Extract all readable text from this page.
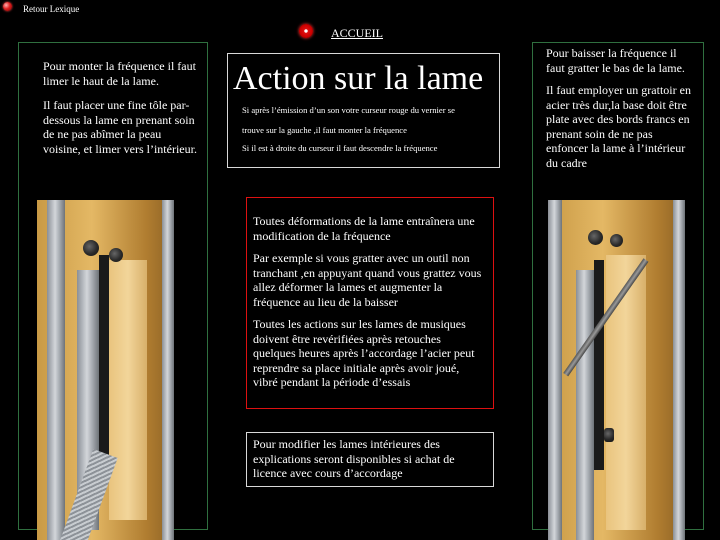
Retour Lexique
ACCUEIL

Pour monter la fréquence il faut limer le haut de la lame.

Il faut placer une fine tôle par-dessous la lame en prenant soin de ne pas abîmer la peau voisine, et limer vers l’intérieur.

Action sur la lame
Si après l’émission d’un son votre curseur rouge du vernier se
trouve sur la gauche ,il faut monter la fréquence
Si il est à droite du curseur il faut descendre la fréquence

Toutes déformations de la lame entraînera une modification de la fréquence

Par exemple si vous gratter avec un outil non tranchant ,en appuyant quand vous grattez vous allez déformer la lames et augmenter la fréquence au lieu de la baisser

Toutes les actions sur les lames de musiques doivent être revérifiées après retouches quelques heures après l’accordage l’acier peut reprendre sa place initiale après avoir joué, vibré pendant la période d’essais

Pour modifier les lames intérieures des explications seront disponibles si achat de licence avec cours d’accordage

Pour baisser la fréquence il faut gratter le bas de la lame.

Il faut employer un grattoir en acier très dur,la base doit être plate avec des bords francs en prenant soin de ne pas enfoncer la lame à l’intérieur du cadre
